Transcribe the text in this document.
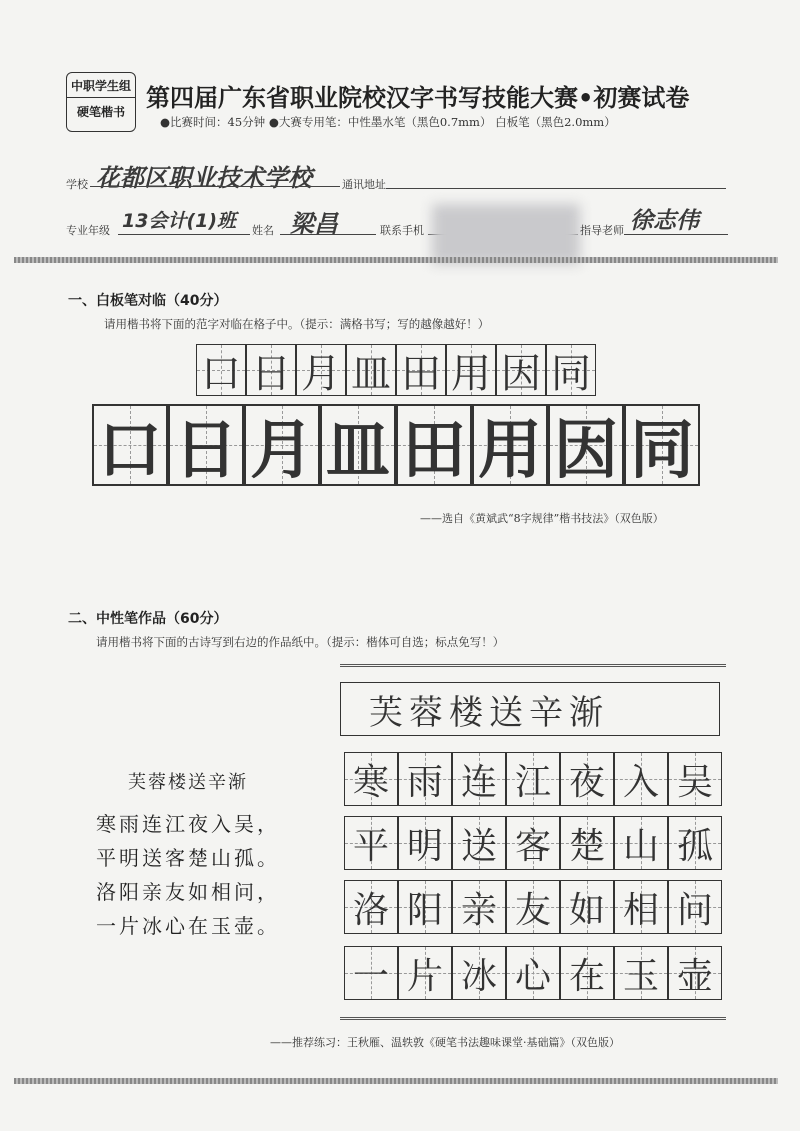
中职学生组
硬笔楷书 第四届广东省职业院校汉字书写技能大赛•初赛试卷
●比赛时间：45分钟 ●大赛专用笔：中性墨水笔（黑色0.7mm） 白板笔（黑色2.0mm）
学校 花都区职业技术学校	通讯地址
专业年级 13会计(1)班 姓名 梁昌	联系手机	指导老师 徐志伟
一、白板笔对临（40分）
请用楷书将下面的范字对临在格子中。（提示：满格书写；写的越像越好！）
口 日 月 皿 田 用 因 同
口 日 月 皿 田 用 因 同
——选自《黄斌武“8字规律”楷书技法》（双色版）
二、中性笔作品（60分）
请用楷书将下面的古诗写到右边的作品纸中。（提示：楷体可自选；标点免写！）
芙蓉楼送辛渐
寒雨连江夜入吴，
平明送客楚山孤。
洛阳亲友如相问，
一片冰心在玉壶。
芙蓉楼送辛渐
寒 雨 连 江 夜 入 吴
平 明 送 客 楚 山 孤
洛 阳 亲 友 如 相 问
一 片 冰 心 在 玉 壶
——推荐练习：王秋雁、温轶敦《硬笔书法趣味课堂·基础篇》（双色版）
